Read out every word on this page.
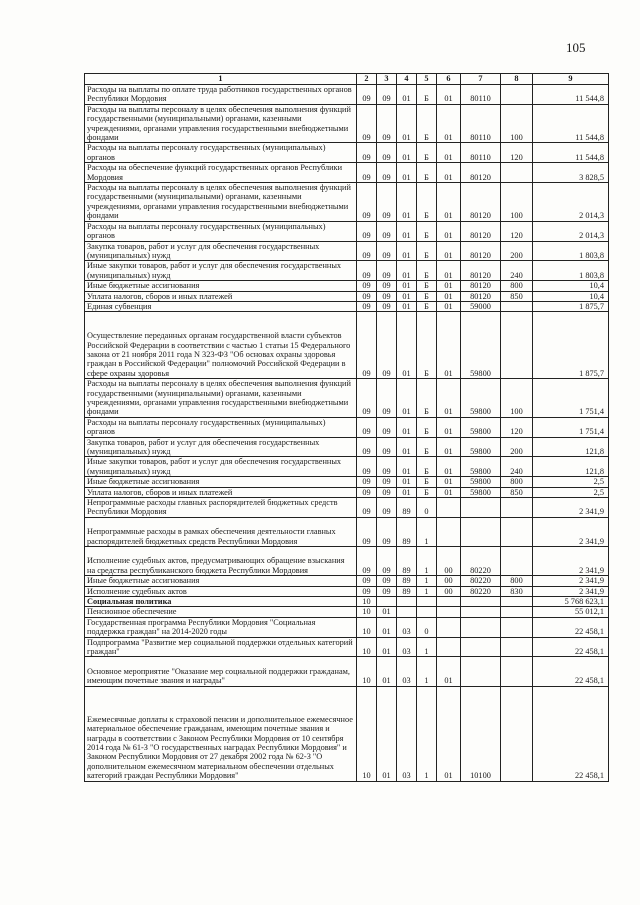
105
1	2	3	4	5	6	7	8	9
Расходы на выплаты по оплате труда работников государственных органов Республики Мордовия	09	09	01	Б	01	80110		11 544,8
Расходы на выплаты персоналу в целях обеспечения выполнения функций государственными (муниципальными) органами, казенными учреждениями, органами управления государственными внебюджетными фондами	09	09	01	Б	01	80110	100	11 544,8
Расходы на выплаты персоналу государственных (муниципальных) органов	09	09	01	Б	01	80110	120	11 544,8
Расходы на обеспечение функций государственных органов Республики Мордовия	09	09	01	Б	01	80120		3 828,5
Расходы на выплаты персоналу в целях обеспечения выполнения функций государственными (муниципальными) органами, казенными учреждениями, органами управления государственными внебюджетными фондами	09	09	01	Б	01	80120	100	2 014,3
Расходы на выплаты персоналу государственных (муниципальных) органов	09	09	01	Б	01	80120	120	2 014,3
Закупка товаров, работ и услуг для обеспечения государственных (муниципальных) нужд	09	09	01	Б	01	80120	200	1 803,8
Иные закупки товаров, работ и услуг для обеспечения государственных (муниципальных) нужд	09	09	01	Б	01	80120	240	1 803,8
Иные бюджетные ассигнования	09	09	01	Б	01	80120	800	10,4
Уплата налогов, сборов и иных платежей	09	09	01	Б	01	80120	850	10,4
Единая субвенция	09	09	01	Б	01	59000		1 875,7
Осуществление переданных органам государственной власти субъектов Российской Федерации в соответствии с частью 1 статьи 15 Федерального закона от 21 ноября 2011 года N 323-ФЗ "Об основах охраны здоровья граждан в Российской Федерации" полномочий Российской Федерации в сфере охраны здоровья	09	09	01	Б	01	59800		1 875,7
Расходы на выплаты персоналу в целях обеспечения выполнения функций государственными (муниципальными) органами, казенными учреждениями, органами управления государственными внебюджетными фондами	09	09	01	Б	01	59800	100	1 751,4
Расходы на выплаты персоналу государственных (муниципальных) органов	09	09	01	Б	01	59800	120	1 751,4
Закупка товаров, работ и услуг для обеспечения государственных (муниципальных) нужд	09	09	01	Б	01	59800	200	121,8
Иные закупки товаров, работ и услуг для обеспечения государственных (муниципальных) нужд	09	09	01	Б	01	59800	240	121,8
Иные бюджетные ассигнования	09	09	01	Б	01	59800	800	2,5
Уплата налогов, сборов и иных платежей	09	09	01	Б	01	59800	850	2,5
Непрограммные расходы главных распорядителей бюджетных средств Республики Мордовия	09	09	89	0				2 341,9
Непрограммные расходы в рамках обеспечения деятельности главных распорядителей бюджетных средств Республики Мордовия	09	09	89	1				2 341,9
Исполнение судебных актов, предусматривающих обращение взыскания на средства республиканского бюджета Республики Мордовия	09	09	89	1	00	80220		2 341,9
Иные бюджетные ассигнования	09	09	89	1	00	80220	800	2 341,9
Исполнение судебных актов	09	09	89	1	00	80220	830	2 341,9
Социальная политика	10							5 768 623,1
Пенсионное обеспечение	10	01						55 012,1
Государственная программа Республики Мордовия "Социальная поддержка граждан" на 2014-2020 годы	10	01	03	0				22 458,1
Подпрограмма "Развитие мер социальной поддержки отдельных категорий граждан"	10	01	03	1				22 458,1
Основное мероприятие "Оказание мер социальной поддержки гражданам, имеющим почетные звания и награды"	10	01	03	1	01			22 458,1
Ежемесячные доплаты к страховой пенсии и дополнительное ежемесячное материальное обеспечение гражданам, имеющим почетные звания и награды в соответствии с Законом Республики Мордовия от 10 сентября 2014 года № 61-З "О государственных наградах Республики Мордовия" и Законом Республики Мордовия от 27 декабря 2002 года № 62-З "О дополнительном ежемесячном материальном обеспечении отдельных категорий граждан Республики Мордовия"	10	01	03	1	01	10100		22 458,1
